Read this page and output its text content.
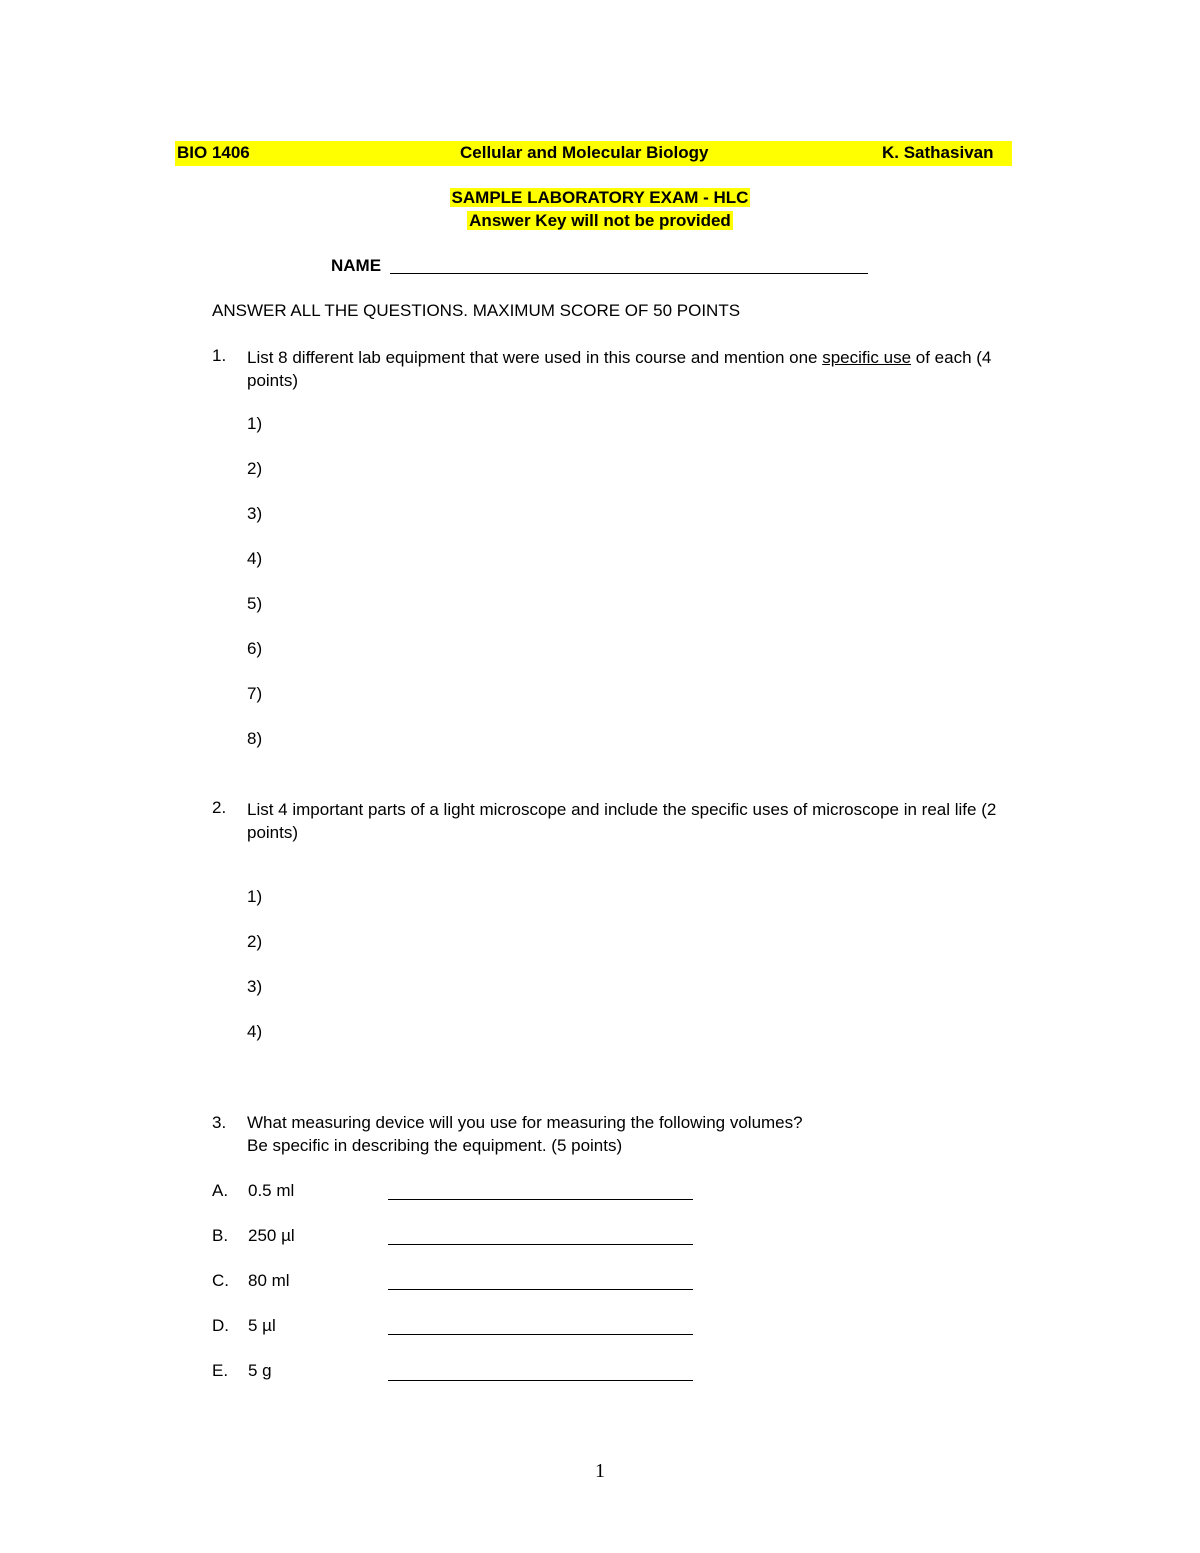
BIO 1406	Cellular and Molecular Biology	K. Sathasivan
SAMPLE LABORATORY EXAM - HLC
Answer Key will not be provided
NAME
ANSWER ALL THE QUESTIONS. MAXIMUM SCORE OF 50 POINTS
1. List 8 different lab equipment that were used in this course and mention one specific use of each (4 points)
1)
2)
3)
4)
5)
6)
7)
8)
2. List 4 important parts of a light microscope and include the specific uses of microscope in real life (2 points)
1)
2)
3)
4)
3. What measuring device will you use for measuring the following volumes?
Be specific in describing the equipment. (5 points)
A. 0.5 ml
B. 250 µl
C. 80 ml
D. 5 µl
E. 5 g
1
